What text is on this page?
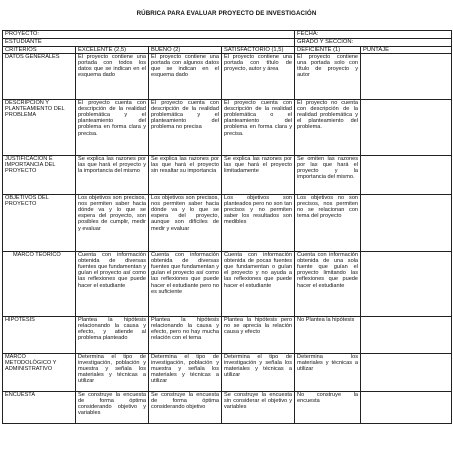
RÚBRICA PARA EVALUAR PROYECTO DE INVESTIGACIÓN
PROYECTO:				FECHA:	
ESTUDIANTE				GRADO Y SECCIÓN:	
CRITERIOS	EXCELENTE (2,5)	BUENO (2)	SATISFACTORIO (1,5)	DEFICIENTE (1)	PUNTAJE
DATOS GENERALES	El proyecto contiene una portada con todos los datos que se indican en el esquema dado	El proyecto contiene una portada con algunos datos que se indican en el esquema dado	El proyecto contiene una portada con título de proyecto, autor y área	El proyecto contiene una portada solo con título de proyecto y autor	
DESCRIPCIÓN Y PLANTEAMIENTO DEL PROBLEMA	El proyecto cuenta con descripción de la realidad problemática y el planteamiento del problema en forma clara y precisa.	El proyecto cuenta con descripción de la realidad problemática y el planteamiento del problema no precisa	El proyecto cuenta con descripción de la realidad problemática o el planteamiento del problema en forma clara y precisa.	El proyecto no cuenta con descripción de la realidad problemática y el planteamiento del problema.	
JUSTIFICACIÓN E IMPORTANCIA DEL PROYECTO	Se explica las razones por las que hará el proyecto y la importancia del mismo	Se explica las razones por las que hará el proyecto sin resaltar su importancia	Se explica las razones por las que hará el proyecto limitadamente	Se omiten las razones por las que hará el proyecto y la importancia del mismo.	
OBJETIVOS DEL PROYECTO	Los objetivos son precisos, nos permiten saber hacia dónde va y lo que se espera del proyecto, son posibles de cumplir, medir y evaluar	Los objetivos son precisos, nos permiten saber hacia dónde va y lo que se espera del proyecto, aunque son difíciles de medir y evaluar	Los objetivos son planteados pero no son tan precisos y no permiten saber los resultados son medibles	Los objetivos no son precisos, nos permiten no se relacionan con tema del proyecto	
MARCO TEÓRICO	Cuenta con información obtenida de diversas fuentes que fundamentan y guían el proyecto así como las reflexiones que puede hacer el estudiante	Cuenta con información obtenida de diversas fuentes que fundamentan y guían el proyecto así como las reflexiones que puede hacer el estudiante pero no es suficiente	Cuenta con información obtenida de pocas fuentes que fundamentan o guían el proyecto y no ayuda a las reflexiones que puede hacer el estudiante	Cuenta con información obtenida de una sola fuente que guían el proyecto limitando las reflexiones que puede hacer el estudiante	
HIPÓTESIS	Plantea la hipótesis relacionando la causa y efecto, y atiende al problema planteado	Plantea la hipótesis relacionando la causa y efecto, pero no hay mucha relación con el tema	Plantea la hipótesis pero no se aprecia la relación causa y efecto	No Plantea la hipótesis	
MARCO METODOLÓGICO Y ADMINISTRATIVO	Determina el tipo de investigación, población y muestra y señala los materiales y técnicas a utilizar	Determina el tipo de investigación, población y muestra y señala los materiales y técnicas a utilizar	Determina el tipo de investigación y señala los materiales y técnicas a utilizar	Determina los materiales y técnicas a utilizar	
ENCUESTA	Se construye la encuesta de forma óptima considerando objetivo y variables	Se construye la encuesta de forma óptima considerando objetivo	Se construye la encuesta sin considerar el objetivo y variables	No construye la encuesta	
